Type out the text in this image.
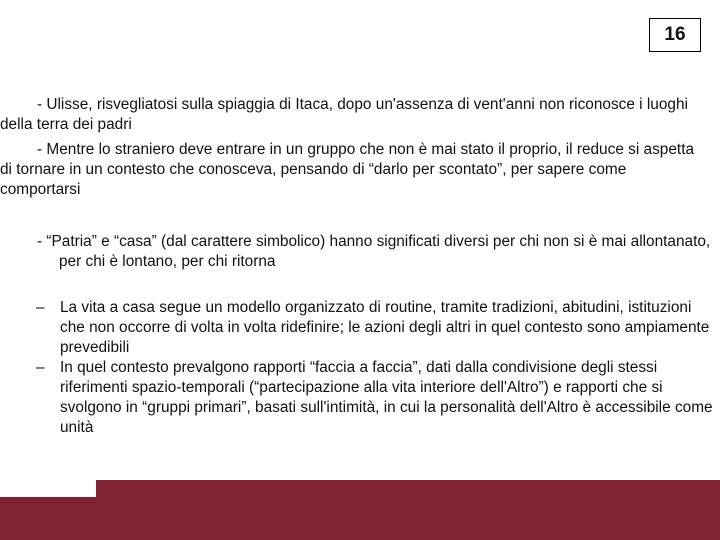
16

- Ulisse, risvegliatosi sulla spiaggia di Itaca, dopo un'assenza di vent'anni non riconosce i luoghi della terra dei padri

- Mentre lo straniero deve entrare in un gruppo che non è mai stato il proprio, il reduce si aspetta di tornare in un contesto che conosceva, pensando di “darlo per scontato”, per sapere come comportarsi

- “Patria” e “casa” (dal carattere simbolico) hanno significati diversi per chi non si è mai allontanato, per chi è lontano, per chi ritorna

– La vita a casa segue un modello organizzato di routine, tramite tradizioni, abitudini, istituzioni che non occorre di volta in volta ridefinire; le azioni degli altri in quel contesto sono ampiamente prevedibili
– In quel contesto prevalgono rapporti “faccia a faccia”, dati dalla condivisione degli stessi riferimenti spazio-temporali (“partecipazione alla vita interiore dell'Altro”) e rapporti che si svolgono in “gruppi primari”, basati sull'intimità, in cui la personalità dell'Altro è accessibile come unità
